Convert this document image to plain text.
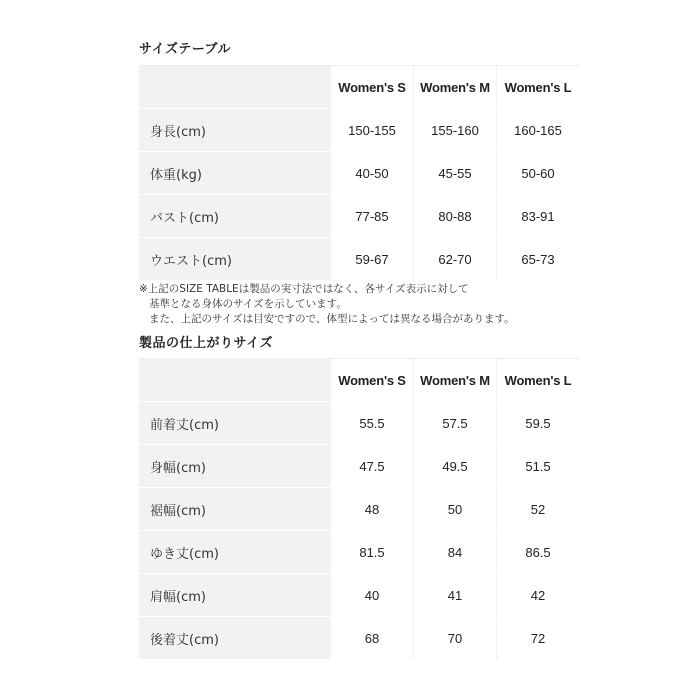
サイズテーブル
	Women's S	Women's M	Women's L
身長(cm)	150-155	155-160	160-165
体重(kg)	40-50	45-55	50-60
バスト(cm)	77-85	80-88	83-91
ウエスト(cm)	59-67	62-70	65-73
※上記のSIZE TABLEは製品の実寸法ではなく、各サイズ表示に対して
基準となる身体のサイズを示しています。
また、上記のサイズは目安ですので、体型によっては異なる場合があります。
製品の仕上がりサイズ
	Women's S	Women's M	Women's L
前着丈(cm)	55.5	57.5	59.5
身幅(cm)	47.5	49.5	51.5
裾幅(cm)	48	50	52
ゆき丈(cm)	81.5	84	86.5
肩幅(cm)	40	41	42
後着丈(cm)	68	70	72
